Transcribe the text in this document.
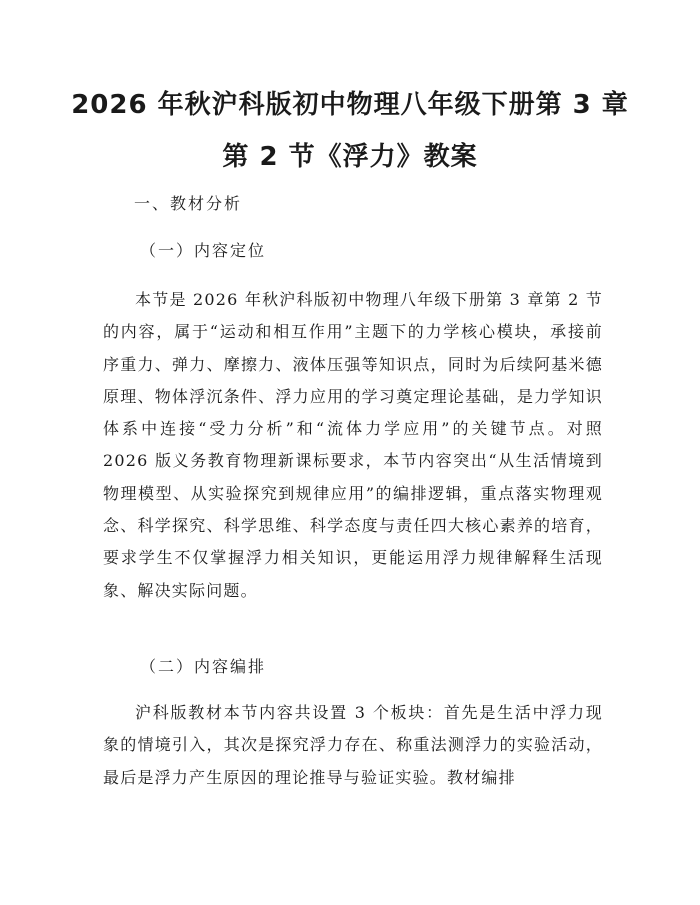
2026 年秋沪科版初中物理八年级下册第 3 章
第 2 节《浮力》教案
一、教材分析
（一）内容定位
本节是 2026 年秋沪科版初中物理八年级下册第 3 章第 2 节的内容，属于“运动和相互作用”主题下的力学核心模块，承接前序重力、弹力、摩擦力、液体压强等知识点，同时为后续阿基米德原理、物体浮沉条件、浮力应用的学习奠定理论基础，是力学知识体系中连接“受力分析”和“流体力学应用”的关键节点。对照 2026 版义务教育物理新课标要求，本节内容突出“从生活情境到物理模型、从实验探究到规律应用”的编排逻辑，重点落实物理观念、科学探究、科学思维、科学态度与责任四大核心素养的培育，要求学生不仅掌握浮力相关知识，更能运用浮力规律解释生活现象、解决实际问题。
（二）内容编排
沪科版教材本节内容共设置 3 个板块：首先是生活中浮力现象的情境引入，其次是探究浮力存在、称重法测浮力的实验活动，最后是浮力产生原因的理论推导与验证实验。教材编排
